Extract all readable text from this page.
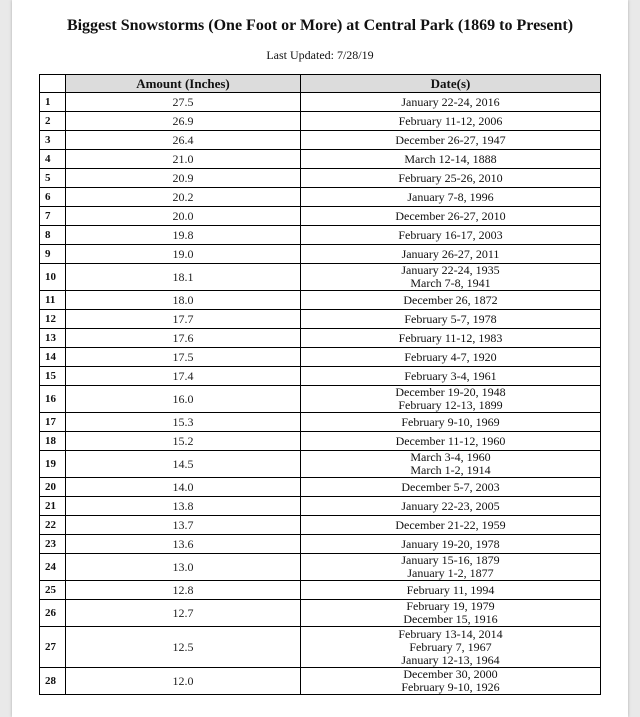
Biggest Snowstorms (One Foot or More) at Central Park (1869 to Present)
Last Updated: 7/28/19
	Amount (Inches)	Date(s)
1	27.5	January 22-24, 2016

2	26.9	February 11-12, 2006

3	26.4	December 26-27, 1947

4	21.0	March 12-14, 1888

5	20.9	February 25-26, 2010

6	20.2	January 7-8, 1996

7	20.0	December 26-27, 2010

8	19.8	February 16-17, 2003

9	19.0	January 26-27, 2011

10	18.1	January 22-24, 1935
March 7-8, 1941

11	18.0	December 26, 1872

12	17.7	February 5-7, 1978

13	17.6	February 11-12, 1983

14	17.5	February 4-7, 1920

15	17.4	February 3-4, 1961

16	16.0	December 19-20, 1948
February 12-13, 1899

17	15.3	February 9-10, 1969

18	15.2	December 11-12, 1960

19	14.5	March 3-4, 1960
March 1-2, 1914

20	14.0	December 5-7, 2003

21	13.8	January 22-23, 2005

22	13.7	December 21-22, 1959

23	13.6	January 19-20, 1978

24	13.0	January 15-16, 1879
January 1-2, 1877

25	12.8	February 11, 1994

26	12.7	February 19, 1979
December 15, 1916

27	12.5	February 13-14, 2014
February 7, 1967
January 12-13, 1964

28	12.0	December 30, 2000
February 9-10, 1926
